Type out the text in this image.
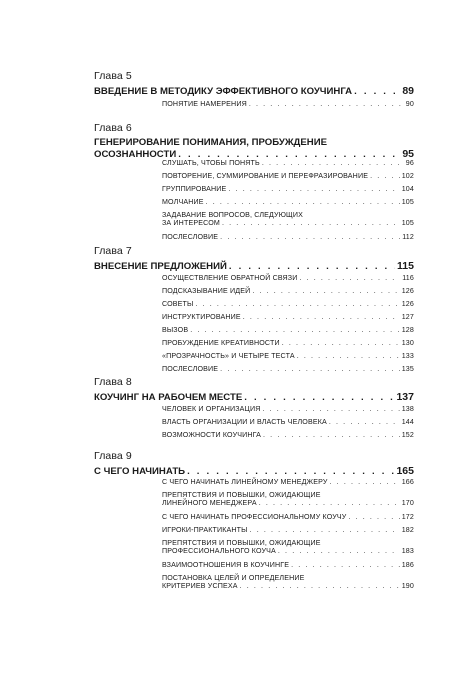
Глава 5
ВВЕДЕНИЕ В МЕТОДИКУ ЭФФЕКТИВНОГО КОУЧИНГА . . .	89
ПОНЯТИЕ НАМЕРЕНИЯ . . .	90
Глава 6
ГЕНЕРИРОВАНИЕ ПОНИМАНИЯ, ПРОБУЖДЕНИЕ
ОСОЗНАННОСТИ . . .	95
СЛУШАТЬ, ЧТОБЫ ПОНЯТЬ . . .	96
ПОВТОРЕНИЕ, СУММИРОВАНИЕ И ПЕРЕФРАЗИРОВАНИЕ . . .	102
ГРУППИРОВАНИЕ . . .	104
МОЛЧАНИЕ . . .	105
ЗАДАВАНИЕ ВОПРОСОВ, СЛЕДУЮЩИХ
ЗА ИНТЕРЕСОМ . . .	105
ПОСЛЕСЛОВИЕ . . .	112
Глава 7
ВНЕСЕНИЕ ПРЕДЛОЖЕНИЙ . . .	115
ОСУЩЕСТВЛЕНИЕ ОБРАТНОЙ СВЯЗИ . . .	116
ПОДСКАЗЫВАНИЕ ИДЕЙ . . .	126
СОВЕТЫ . . .	126
ИНСТРУКТИРОВАНИЕ . . .	127
ВЫЗОВ . . .	128
ПРОБУЖДЕНИЕ КРЕАТИВНОСТИ . . .	130
«ПРОЗРАЧНОСТЬ» И ЧЕТЫРЕ ТЕСТА . . .	133
ПОСЛЕСЛОВИЕ . . .	135
Глава 8
КОУЧИНГ НА РАБОЧЕМ МЕСТЕ . . .	137
ЧЕЛОВЕК И ОРГАНИЗАЦИЯ . . .	138
ВЛАСТЬ ОРГАНИЗАЦИИ И ВЛАСТЬ ЧЕЛОВЕКА . . .	144
ВОЗМОЖНОСТИ КОУЧИНГА . . .	152
Глава 9
С ЧЕГО НАЧИНАТЬ . . .	165
С ЧЕГО НАЧИНАТЬ ЛИНЕЙНОМУ МЕНЕДЖЕРУ . . .	166
ПРЕПЯТСТВИЯ И ПОВЫШКИ, ОЖИДАЮЩИЕ
ЛИНЕЙНОГО МЕНЕДЖЕРА . . .	170
С ЧЕГО НАЧИНАТЬ ПРОФЕССИОНАЛЬНОМУ КОУЧУ . . .	172
ИГРОКИ-ПРАКТИКАНТЫ . . .	182
ПРЕПЯТСТВИЯ И ПОВЫШКИ, ОЖИДАЮЩИЕ
ПРОФЕССИОНАЛЬНОГО КОУЧА . . .	183
ВЗАИМООТНОШЕНИЯ В КОУЧИНГЕ . . .	186
ПОСТАНОВКА ЦЕЛЕЙ И ОПРЕДЕЛЕНИЕ
КРИТЕРИЕВ УСПЕХА . . .	190
